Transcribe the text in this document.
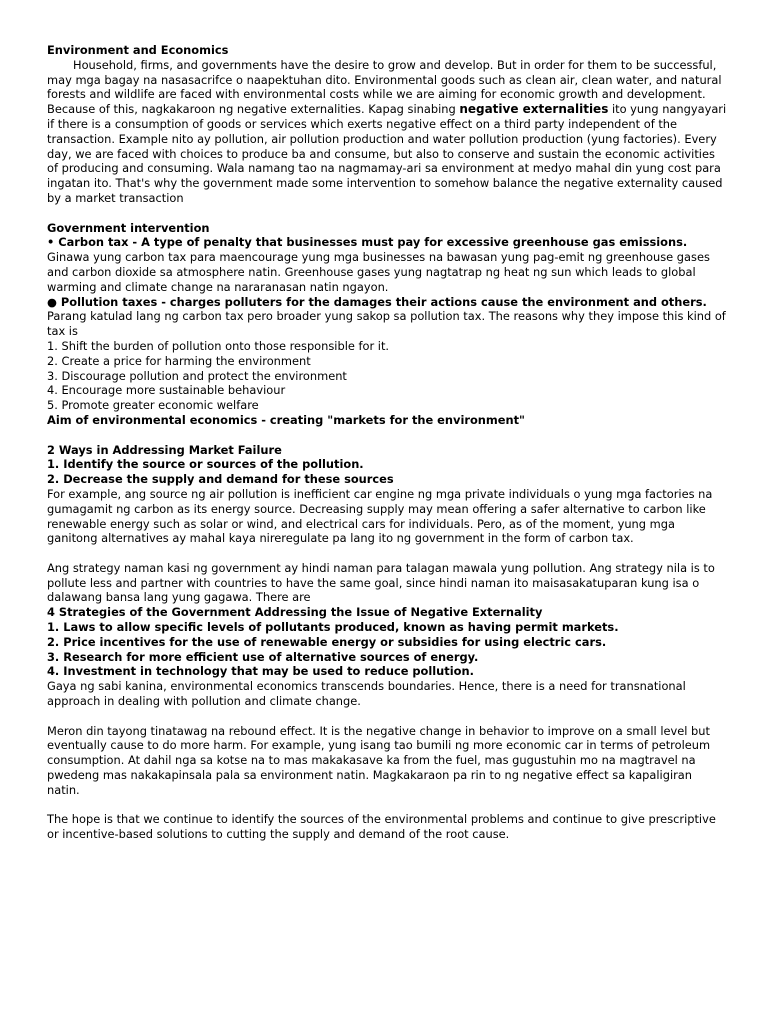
Environment and Economics

Household, firms, and governments have the desire to grow and develop. But in order for them to be successful, may mga bagay na nasasacrifce o naapektuhan dito. Environmental goods such as clean air, clean water, and natural forests and wildlife are faced with environmental costs while we are aiming for economic growth and development. Because of this, nagkakaroon ng negative externalities. Kapag sinabing negative externalities ito yung nangyayari if there is a consumption of goods or services which exerts negative effect on a third party independent of the transaction. Example nito ay pollution, air pollution production and water pollution production (yung factories). Every day, we are faced with choices to produce ba and consume, but also to conserve and sustain the economic activities of producing and consuming. Wala namang tao na nagmamay-ari sa environment at medyo mahal din yung cost para ingatan ito. That's why the government made some intervention to somehow balance the negative externality caused by a market transaction

Government intervention
• Carbon tax - A type of penalty that businesses must pay for excessive greenhouse gas emissions.

Ginawa yung carbon tax para maencourage yung mga businesses na bawasan yung pag-emit ng greenhouse gases and carbon dioxide sa atmosphere natin. Greenhouse gases yung nagtatrap ng heat ng sun which leads to global warming and climate change na nararanasan natin ngayon.

● Pollution taxes - charges polluters for the damages their actions cause the environment and others.

Parang katulad lang ng carbon tax pero broader yung sakop sa pollution tax. The reasons why they impose this kind of tax is

1. Shift the burden of pollution onto those responsible for it.
2. Create a price for harming the environment
3. Discourage pollution and protect the environment
4. Encourage more sustainable behaviour
5. Promote greater economic welfare
Aim of environmental economics - creating "markets for the environment"
2 Ways in Addressing Market Failure
1. Identify the source or sources of the pollution.
2. Decrease the supply and demand for these sources

For example, ang source ng air pollution is inefficient car engine ng mga private individuals o yung mga factories na gumagamit ng carbon as its energy source. Decreasing supply may mean offering a safer alternative to carbon like renewable energy such as solar or wind, and electrical cars for individuals. Pero, as of the moment, yung mga ganitong alternatives ay mahal kaya nireregulate pa lang ito ng government in the form of carbon tax.

Ang strategy naman kasi ng government ay hindi naman para talagan mawala yung pollution. Ang strategy nila is to pollute less and partner with countries to have the same goal, since hindi naman ito maisasakatuparan kung isa o dalawang bansa lang yung gagawa. There are

4 Strategies of the Government Addressing the Issue of Negative Externality
1. Laws to allow specific levels of pollutants produced, known as having permit markets.
2. Price incentives for the use of renewable energy or subsidies for using electric cars.
3. Research for more efficient use of alternative sources of energy.
4. Investment in technology that may be used to reduce pollution.

Gaya ng sabi kanina, environmental economics transcends boundaries. Hence, there is a need for transnational approach in dealing with pollution and climate change.

Meron din tayong tinatawag na rebound effect. It is the negative change in behavior to improve on a small level but eventually cause to do more harm. For example, yung isang tao bumili ng more economic car in terms of petroleum consumption. At dahil nga sa kotse na to mas makakasave ka from the fuel, mas gugustuhin mo na magtravel na pwedeng mas nakakapinsala pala sa environment natin. Magkakaraon pa rin to ng negative effect sa kapaligiran natin.

The hope is that we continue to identify the sources of the environmental problems and continue to give prescriptive or incentive-based solutions to cutting the supply and demand of the root cause.
